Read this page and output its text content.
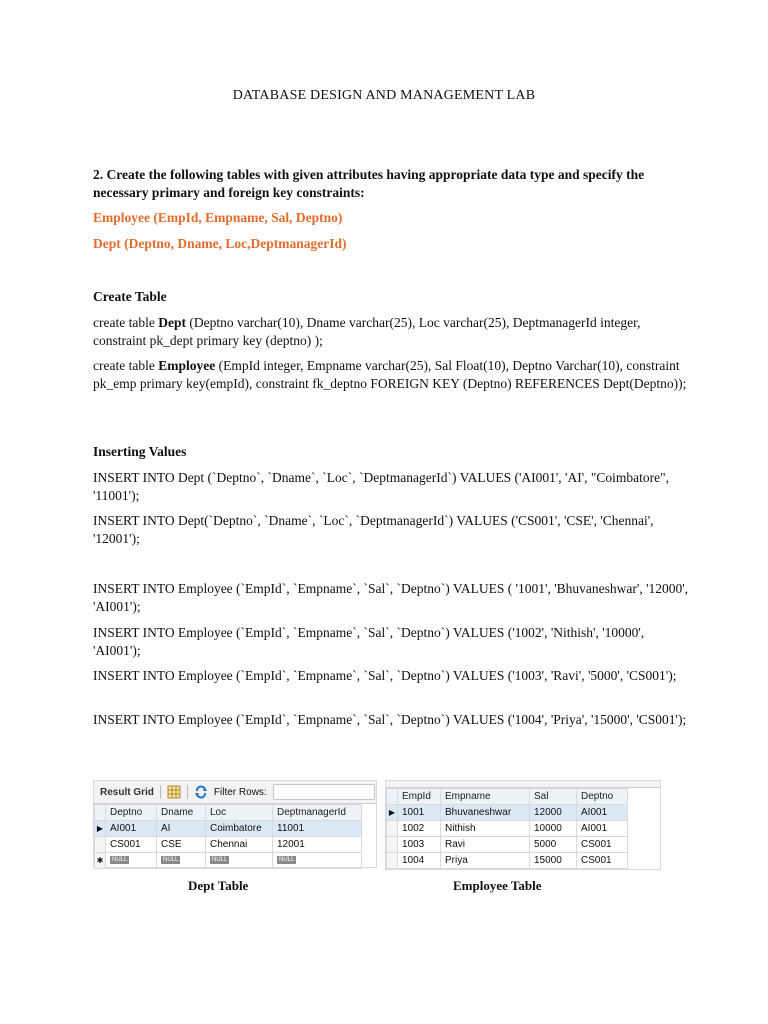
DATABASE DESIGN AND MANAGEMENT LAB
2. Create the following tables with given attributes having appropriate data type and specify the necessary primary and foreign key constraints:
Employee (EmpId, Empname, Sal, Deptno)
Dept (Deptno, Dname, Loc,DeptmanagerId)
Create Table
create table Dept (Deptno varchar(10), Dname varchar(25), Loc varchar(25), DeptmanagerId integer, constraint pk_dept primary key (deptno) );
create table Employee (EmpId integer, Empname varchar(25), Sal Float(10), Deptno Varchar(10), constraint pk_emp primary key(empId), constraint fk_deptno FOREIGN KEY (Deptno) REFERENCES Dept(Deptno));
Inserting Values
INSERT INTO Dept (`Deptno`, `Dname`, `Loc`, `DeptmanagerId`) VALUES ('AI001', 'AI', "Coimbatore", '11001');
INSERT INTO Dept(`Deptno`, `Dname`, `Loc`, `DeptmanagerId`) VALUES ('CS001', 'CSE', 'Chennai', '12001');
INSERT INTO Employee (`EmpId`, `Empname`, `Sal`, `Deptno`) VALUES ( '1001', 'Bhuvaneshwar', '12000', 'AI001');
INSERT INTO Employee (`EmpId`, `Empname`, `Sal`, `Deptno`) VALUES ('1002', 'Nithish', '10000', 'AI001');
INSERT INTO Employee (`EmpId`, `Empname`, `Sal`, `Deptno`) VALUES ('1003', 'Ravi', '5000', 'CS001');
INSERT INTO Employee (`EmpId`, `Empname`, `Sal`, `Deptno`) VALUES ('1004', 'Priya', '15000', 'CS001');
Result Grid	Filter Rows:
	Deptno	Dname	Loc	DeptmanagerId
▶	AI001	AI	Coimbatore	11001
	CS001	CSE	Chennai	12001
✱	NULL	NULL	NULL	NULL
	EmpId	Empname	Sal	Deptno
▶	1001	Bhuvaneshwar	12000	AI001
	1002	Nithish	10000	AI001
	1003	Ravi	5000	CS001
	1004	Priya	15000	CS001
Dept Table	Employee Table
